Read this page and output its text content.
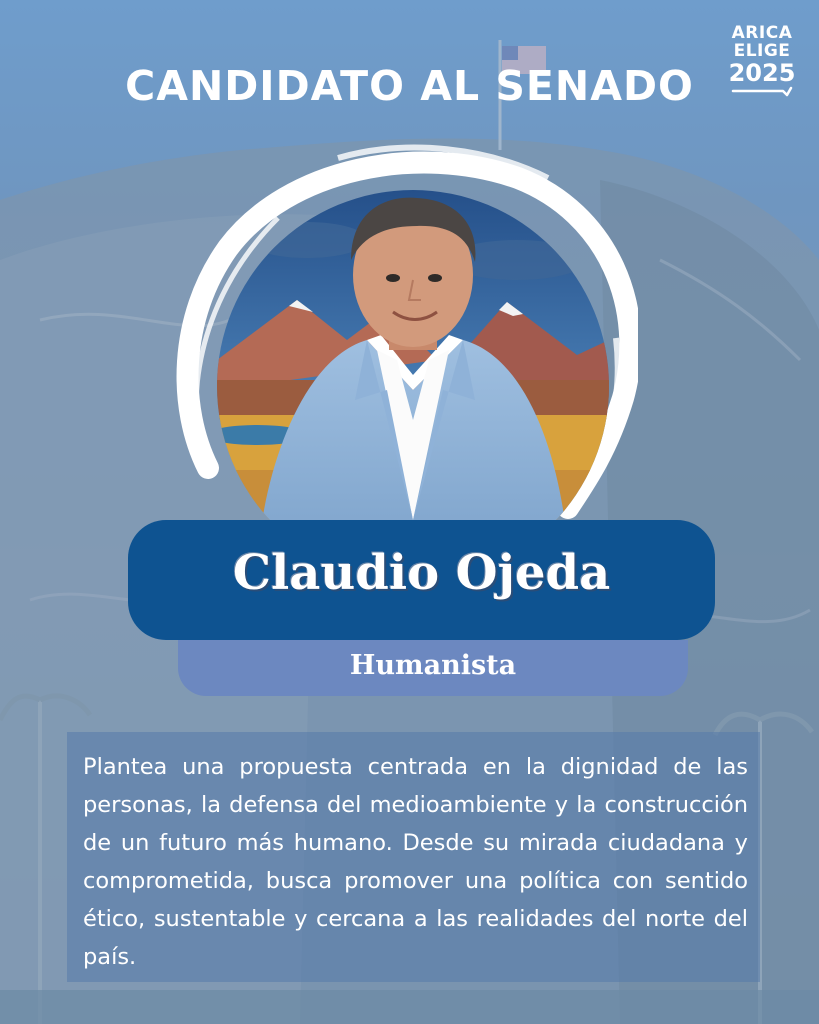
CANDIDATO AL SENADO
ARICA
ELIGE
2025
Claudio Ojeda
Humanista
Plantea una propuesta centrada en la dignidad de las personas, la defensa del medioambiente y la construcción de un futuro más humano. Desde su mirada ciudadana y comprometida, busca promover una política con sentido ético, sustentable y cercana a las realidades del norte del país.
